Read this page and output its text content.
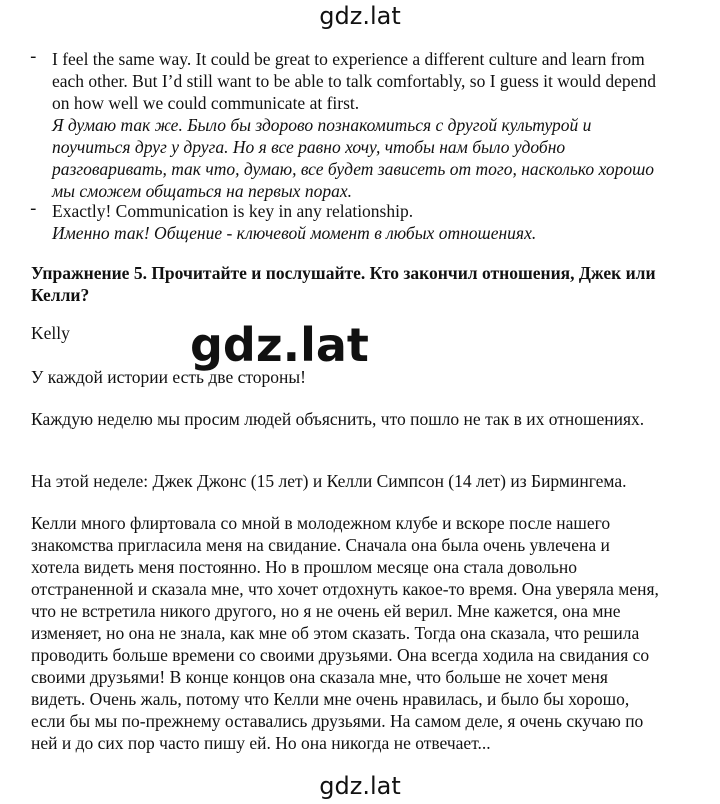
gdz.lat
- I feel the same way. It could be great to experience a different culture and learn from each other. But I’d still want to be able to talk comfortably, so I guess it would depend on how well we could communicate at first.
Я думаю так же. Было бы здорово познакомиться с другой культурой и поучиться друг у друга. Но я все равно хочу, чтобы нам было удобно разговаривать, так что, думаю, все будет зависеть от того, насколько хорошо мы сможем общаться на первых порах.
- Exactly! Communication is key in any relationship.
Именно так! Общение - ключевой момент в любых отношениях.
Упражнение 5. Прочитайте и послушайте. Кто закончил отношения, Джек или Келли?
Kelly	gdz.lat
У каждой истории есть две стороны!
Каждую неделю мы просим людей объяснить, что пошло не так в их отношениях.
На этой неделе: Джек Джонс (15 лет) и Келли Симпсон (14 лет) из Бирмингема.
Келли много флиртовала со мной в молодежном клубе и вскоре после нашего знакомства пригласила меня на свидание. Сначала она была очень увлечена и хотела видеть меня постоянно. Но в прошлом месяце она стала довольно отстраненной и сказала мне, что хочет отдохнуть какое-то время. Она уверяла меня, что не встретила никого другого, но я не очень ей верил. Мне кажется, она мне изменяет, но она не знала, как мне об этом сказать. Тогда она сказала, что решила проводить больше времени со своими друзьями. Она всегда ходила на свидания со своими друзьями! В конце концов она сказала мне, что больше не хочет меня видеть. Очень жаль, потому что Келли мне очень нравилась, и было бы хорошо, если бы мы по-прежнему оставались друзьями. На самом деле, я очень скучаю по ней и до сих пор часто пишу ей. Но она никогда не отвечает...
gdz.lat
